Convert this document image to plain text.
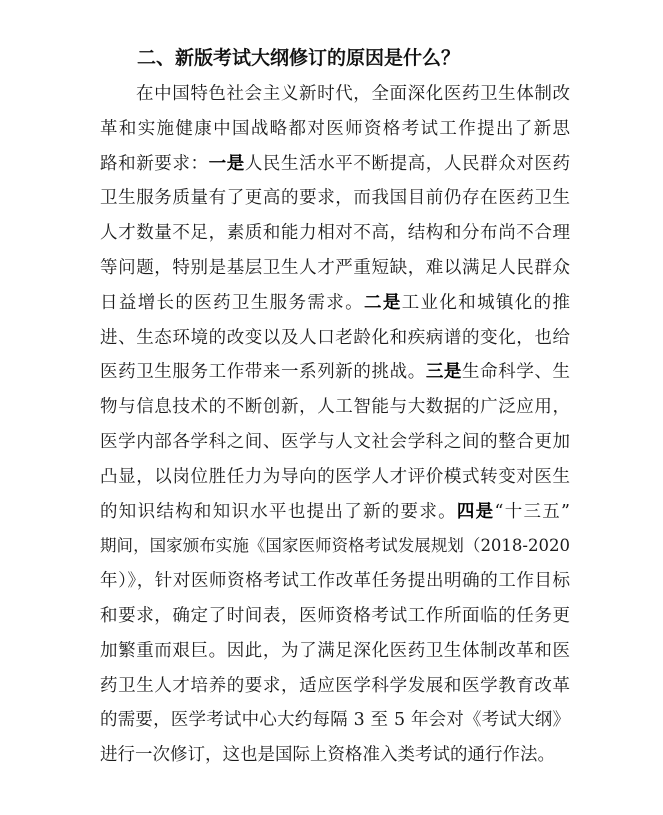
二、新版考试大纲修订的原因是什么？
在中国特色社会主义新时代，全面深化医药卫生体制改
革和实施健康中国战略都对医师资格考试工作提出了新思
路和新要求：一是人民生活水平不断提高，人民群众对医药
卫生服务质量有了更高的要求，而我国目前仍存在医药卫生
人才数量不足，素质和能力相对不高，结构和分布尚不合理
等问题，特别是基层卫生人才严重短缺，难以满足人民群众
日益增长的医药卫生服务需求。二是工业化和城镇化的推
进、生态环境的改变以及人口老龄化和疾病谱的变化，也给
医药卫生服务工作带来一系列新的挑战。三是生命科学、生
物与信息技术的不断创新，人工智能与大数据的广泛应用，
医学内部各学科之间、医学与人文社会学科之间的整合更加
凸显，以岗位胜任力为导向的医学人才评价模式转变对医生
的知识结构和知识水平也提出了新的要求。四是“十三五”
期间，国家颁布实施《国家医师资格考试发展规划（2018-2020
年）》，针对医师资格考试工作改革任务提出明确的工作目标
和要求，确定了时间表，医师资格考试工作所面临的任务更
加繁重而艰巨。因此，为了满足深化医药卫生体制改革和医
药卫生人才培养的要求，适应医学科学发展和医学教育改革
的需要，医学考试中心大约每隔 3 至 5 年会对《考试大纲》
进行一次修订，这也是国际上资格准入类考试的通行作法。
